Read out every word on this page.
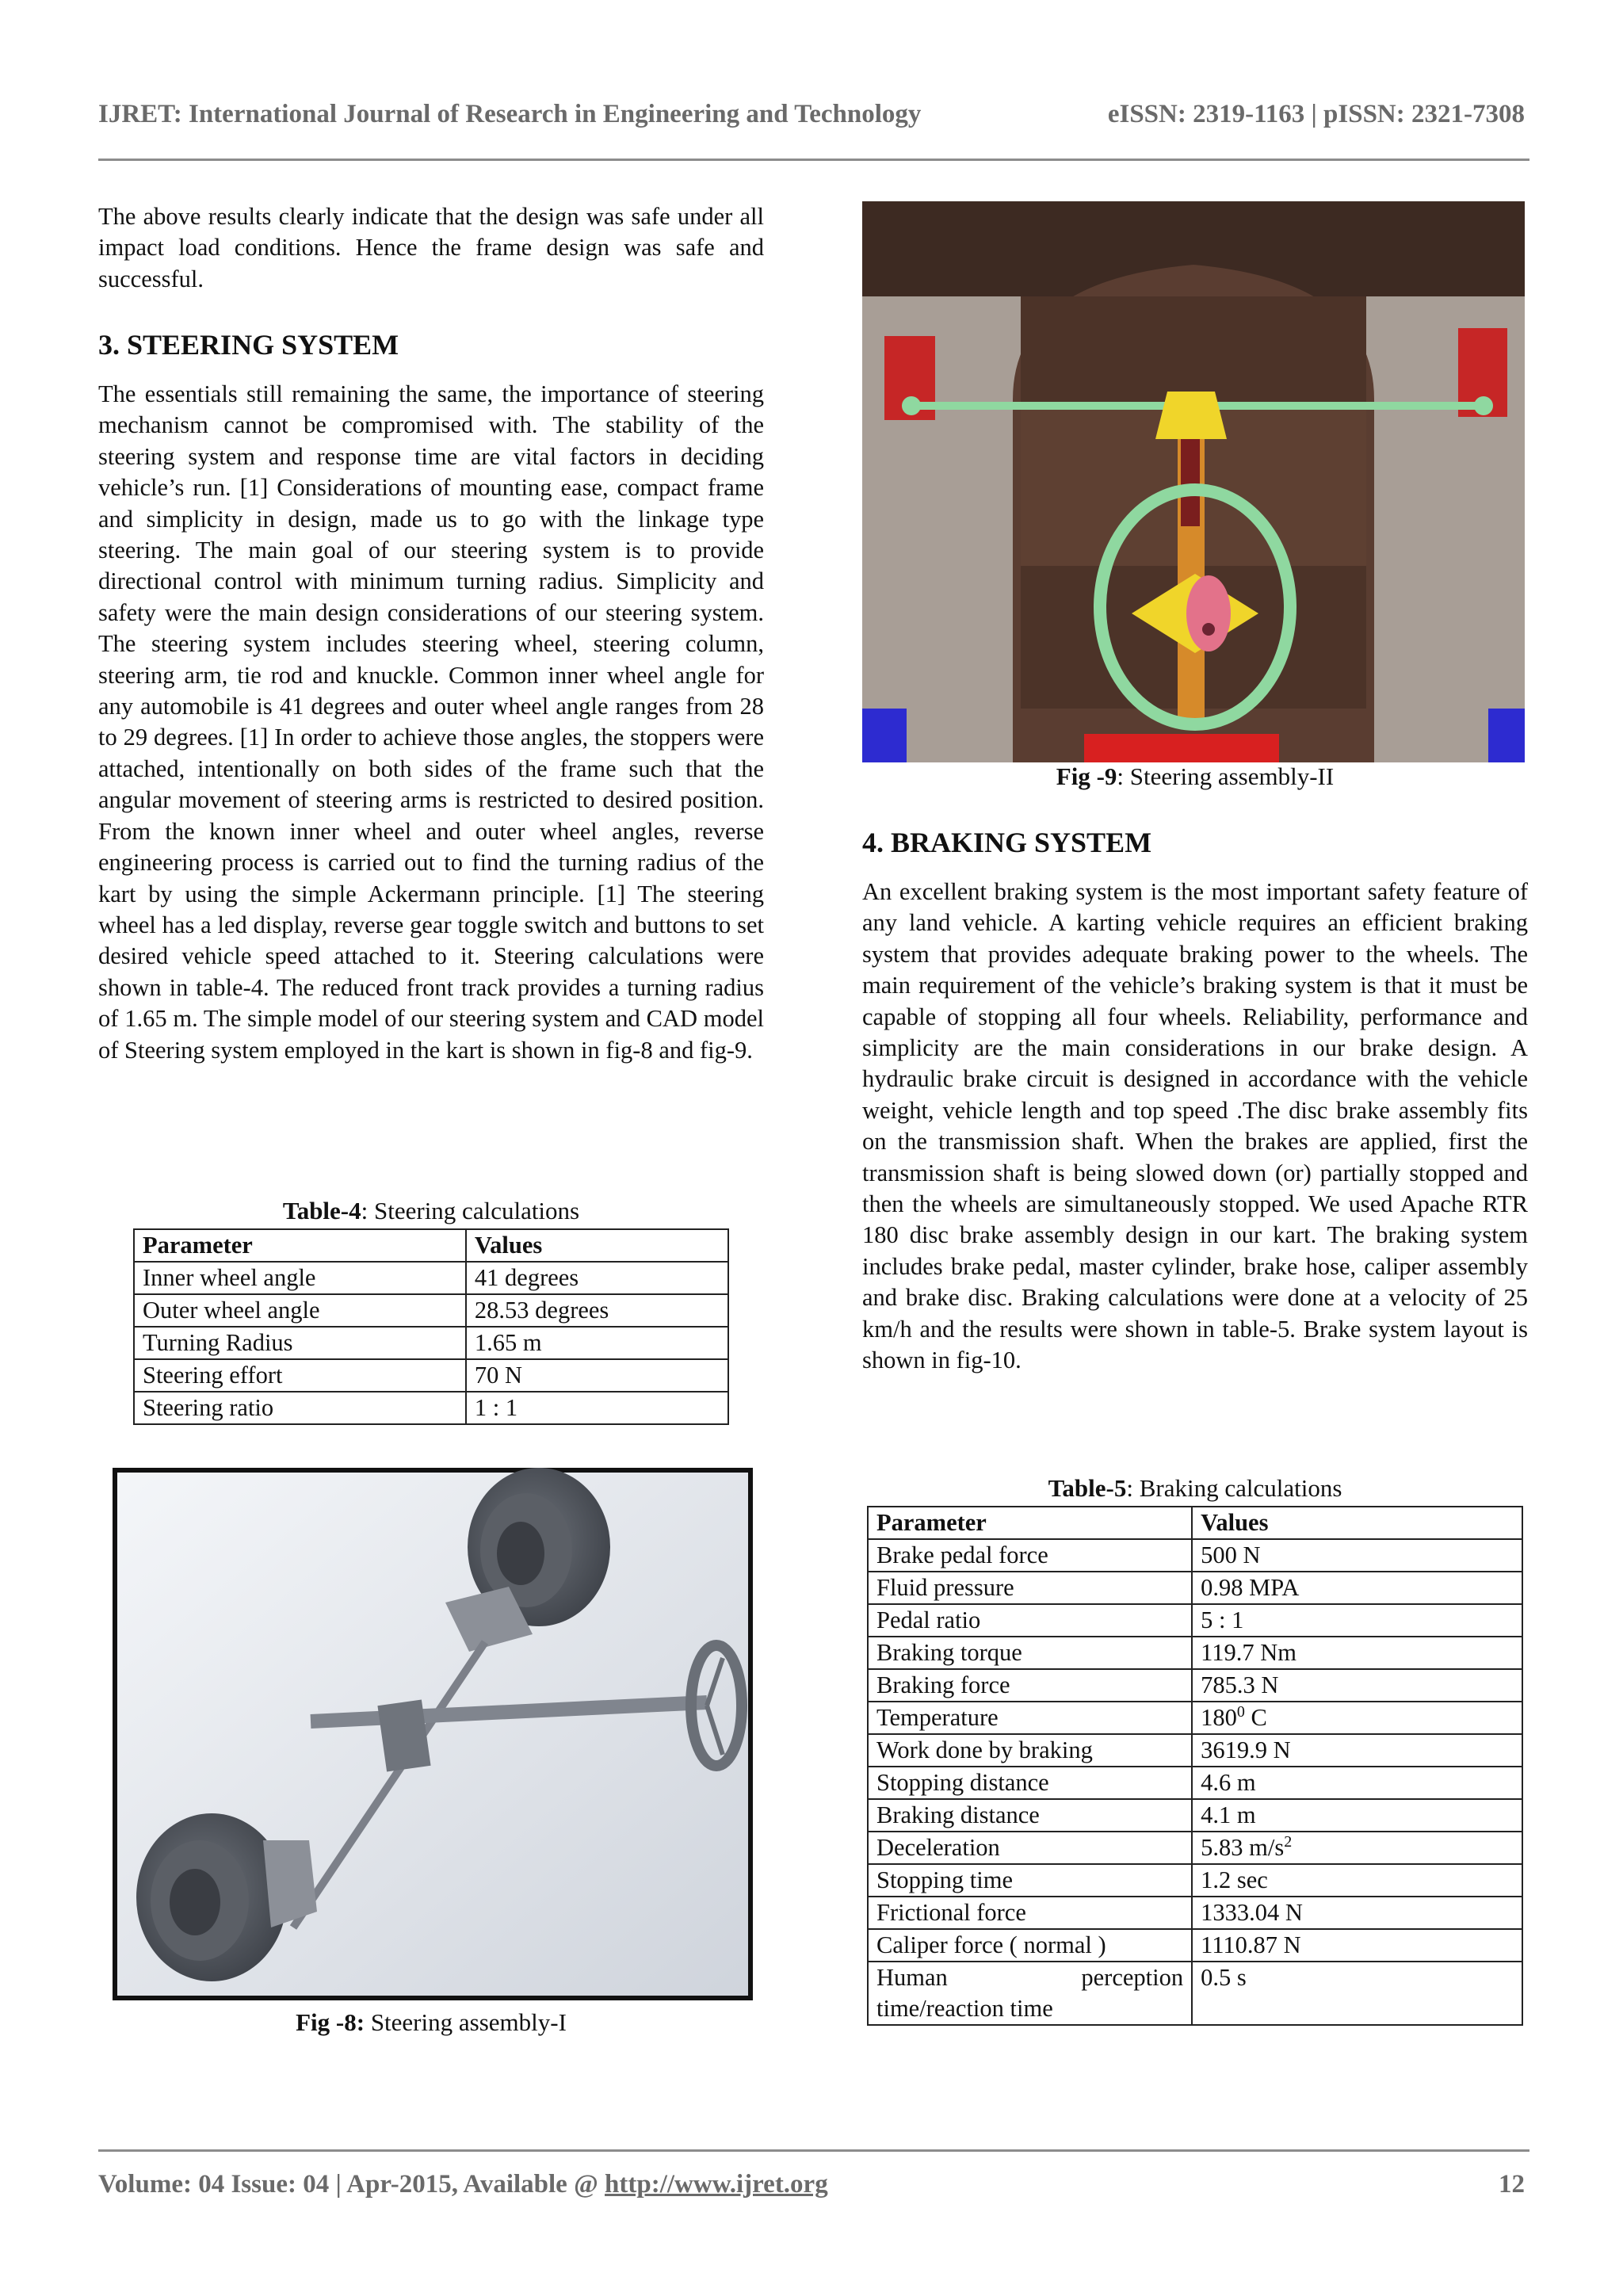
IJRET: International Journal of Research in Engineering and Technology	eISSN: 2319-1163 | pISSN: 2321-7308

The above results clearly indicate that the design was safe under all impact load conditions. Hence the frame design was safe and successful.

3. STEERING SYSTEM

The essentials still remaining the same, the importance of steering mechanism cannot be compromised with. The stability of the steering system and response time are vital factors in deciding vehicle’s run. [1] Considerations of mounting ease, compact frame and simplicity in design, made us to go with the linkage type steering. The main goal of our steering system is to provide directional control with minimum turning radius. Simplicity and safety were the main design considerations of our steering system. The steering system includes steering wheel, steering column, steering arm, tie rod and knuckle. Common inner wheel angle for any automobile is 41 degrees and outer wheel angle ranges from 28 to 29 degrees. [1] In order to achieve those angles, the stoppers were attached, intentionally on both sides of the frame such that the angular movement of steering arms is restricted to desired position. From the known inner wheel and outer wheel angles, reverse engineering process is carried out to find the turning radius of the kart by using the simple Ackermann principle. [1] The steering wheel has a led display, reverse gear toggle switch and buttons to set desired vehicle speed attached to it. Steering calculations were shown in table-4. The reduced front track provides a turning radius of 1.65 m. The simple model of our steering system and CAD model of Steering system employed in the kart is shown in fig-8 and fig-9.

Table-4: Steering calculations
Parameter	Values
Inner wheel angle	41 degrees
Outer wheel angle	28.53 degrees
Turning Radius	1.65 m
Steering effort	70 N
Steering ratio	1 : 1
Fig -8: Steering assembly-I
Fig -9: Steering assembly-II
4. BRAKING SYSTEM

An excellent braking system is the most important safety feature of any land vehicle. A karting vehicle requires an efficient braking system that provides adequate braking power to the wheels. The main requirement of the vehicle’s braking system is that it must be capable of stopping all four wheels. Reliability, performance and simplicity are the main considerations in our brake design. A hydraulic brake circuit is designed in accordance with the vehicle weight, vehicle length and top speed .The disc brake assembly fits on the transmission shaft. When the brakes are applied, first the transmission shaft is being slowed down (or) partially stopped and then the wheels are simultaneously stopped. We used Apache RTR 180 disc brake assembly design in our kart. The braking system includes brake pedal, master cylinder, brake hose, caliper assembly and brake disc. Braking calculations were done at a velocity of 25 km/h and the results were shown in table-5. Brake system layout is shown in fig-10.

Table-5: Braking calculations
Parameter	Values
Brake pedal force	500 N
Fluid pressure	0.98 MPA
Pedal ratio	5 : 1
Braking torque	119.7 Nm
Braking force	785.3 N
Temperature	$180^0$ C
Work done by braking	3619.9 N
Stopping distance	4.6 m
Braking distance	4.1 m
Deceleration	5.83 $m/s^2$
Stopping time	1.2 sec
Frictional force	1333.04 N
Caliper force ( normal )	1110.87 N
Human perception time/reaction time	0.5 s
Volume: 04 Issue: 04 | Apr-2015, Available @ http://www.ijret.org	12
